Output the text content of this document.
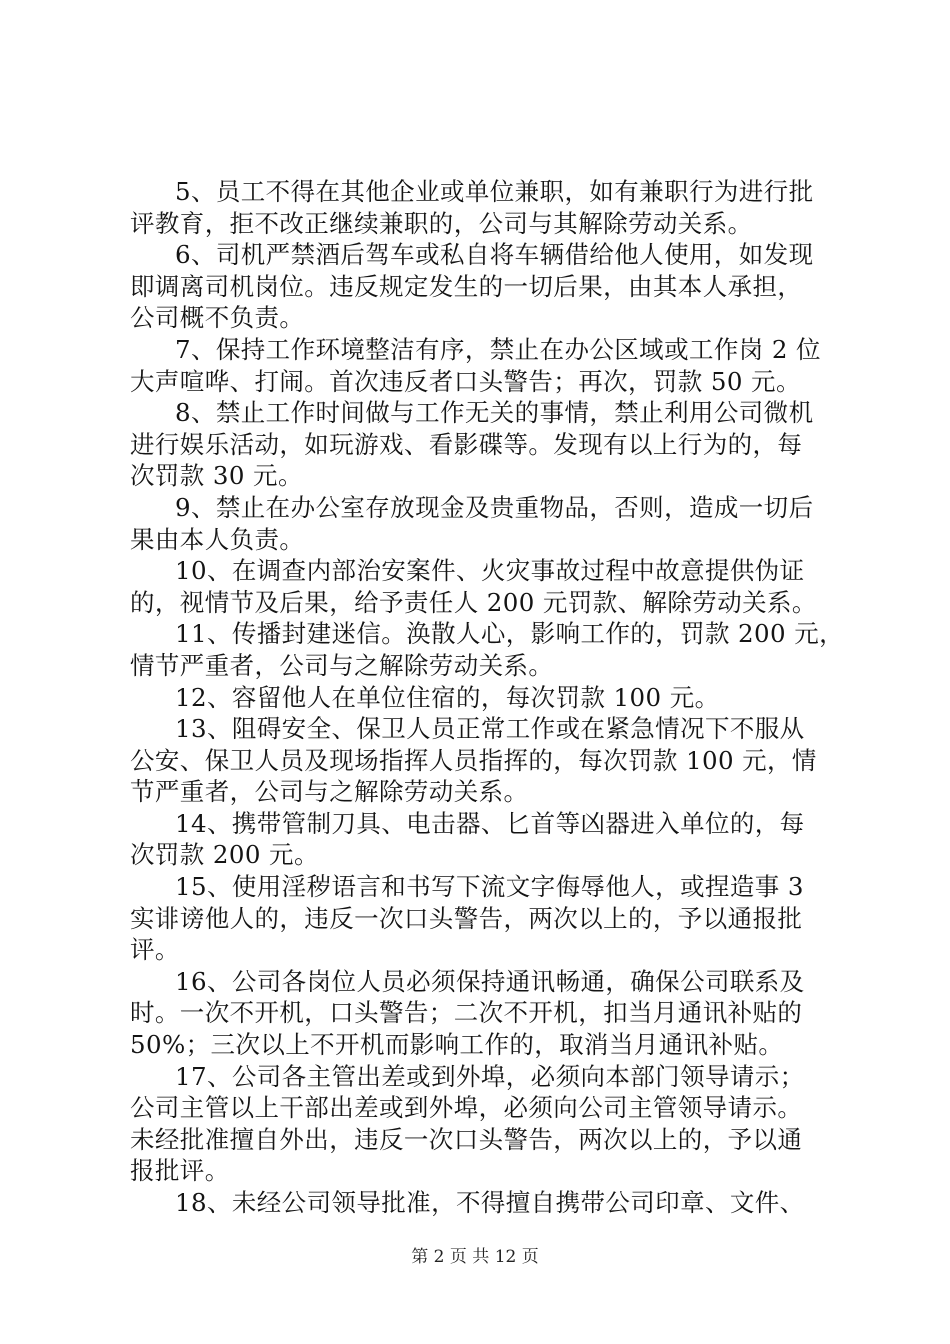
5、员工不得在其他企业或单位兼职，如有兼职行为进行批
评教育，拒不改正继续兼职的，公司与其解除劳动关系。
6、司机严禁酒后驾车或私自将车辆借给他人使用，如发现
即调离司机岗位。违反规定发生的一切后果，由其本人承担，
公司概不负责。
7、保持工作环境整洁有序，禁止在办公区域或工作岗 2 位
大声喧哗、打闹。首次违反者口头警告；再次，罚款 50 元。
8、禁止工作时间做与工作无关的事情，禁止利用公司微机
进行娱乐活动，如玩游戏、看影碟等。发现有以上行为的，每
次罚款 30 元。
9、禁止在办公室存放现金及贵重物品，否则，造成一切后
果由本人负责。
10、在调查内部治安案件、火灾事故过程中故意提供伪证
的，视情节及后果，给予责任人 200 元罚款、解除劳动关系。
11、传播封建迷信。涣散人心，影响工作的，罚款 200 元，
情节严重者，公司与之解除劳动关系。
12、容留他人在单位住宿的，每次罚款 100 元。
13、阻碍安全、保卫人员正常工作或在紧急情况下不服从
公安、保卫人员及现场指挥人员指挥的，每次罚款 100 元，情
节严重者，公司与之解除劳动关系。
14、携带管制刀具、电击器、匕首等凶器进入单位的，每
次罚款 200 元。
15、使用淫秽语言和书写下流文字侮辱他人，或捏造事 3
实诽谤他人的，违反一次口头警告，两次以上的，予以通报批
评。
16、公司各岗位人员必须保持通讯畅通，确保公司联系及
时。一次不开机，口头警告；二次不开机，扣当月通讯补贴的
50%；三次以上不开机而影响工作的，取消当月通讯补贴。
17、公司各主管出差或到外埠，必须向本部门领导请示；
公司主管以上干部出差或到外埠，必须向公司主管领导请示。
未经批准擅自外出，违反一次口头警告，两次以上的，予以通
报批评。
18、未经公司领导批准，不得擅自携带公司印章、文件、
第 2 页 共 12 页
